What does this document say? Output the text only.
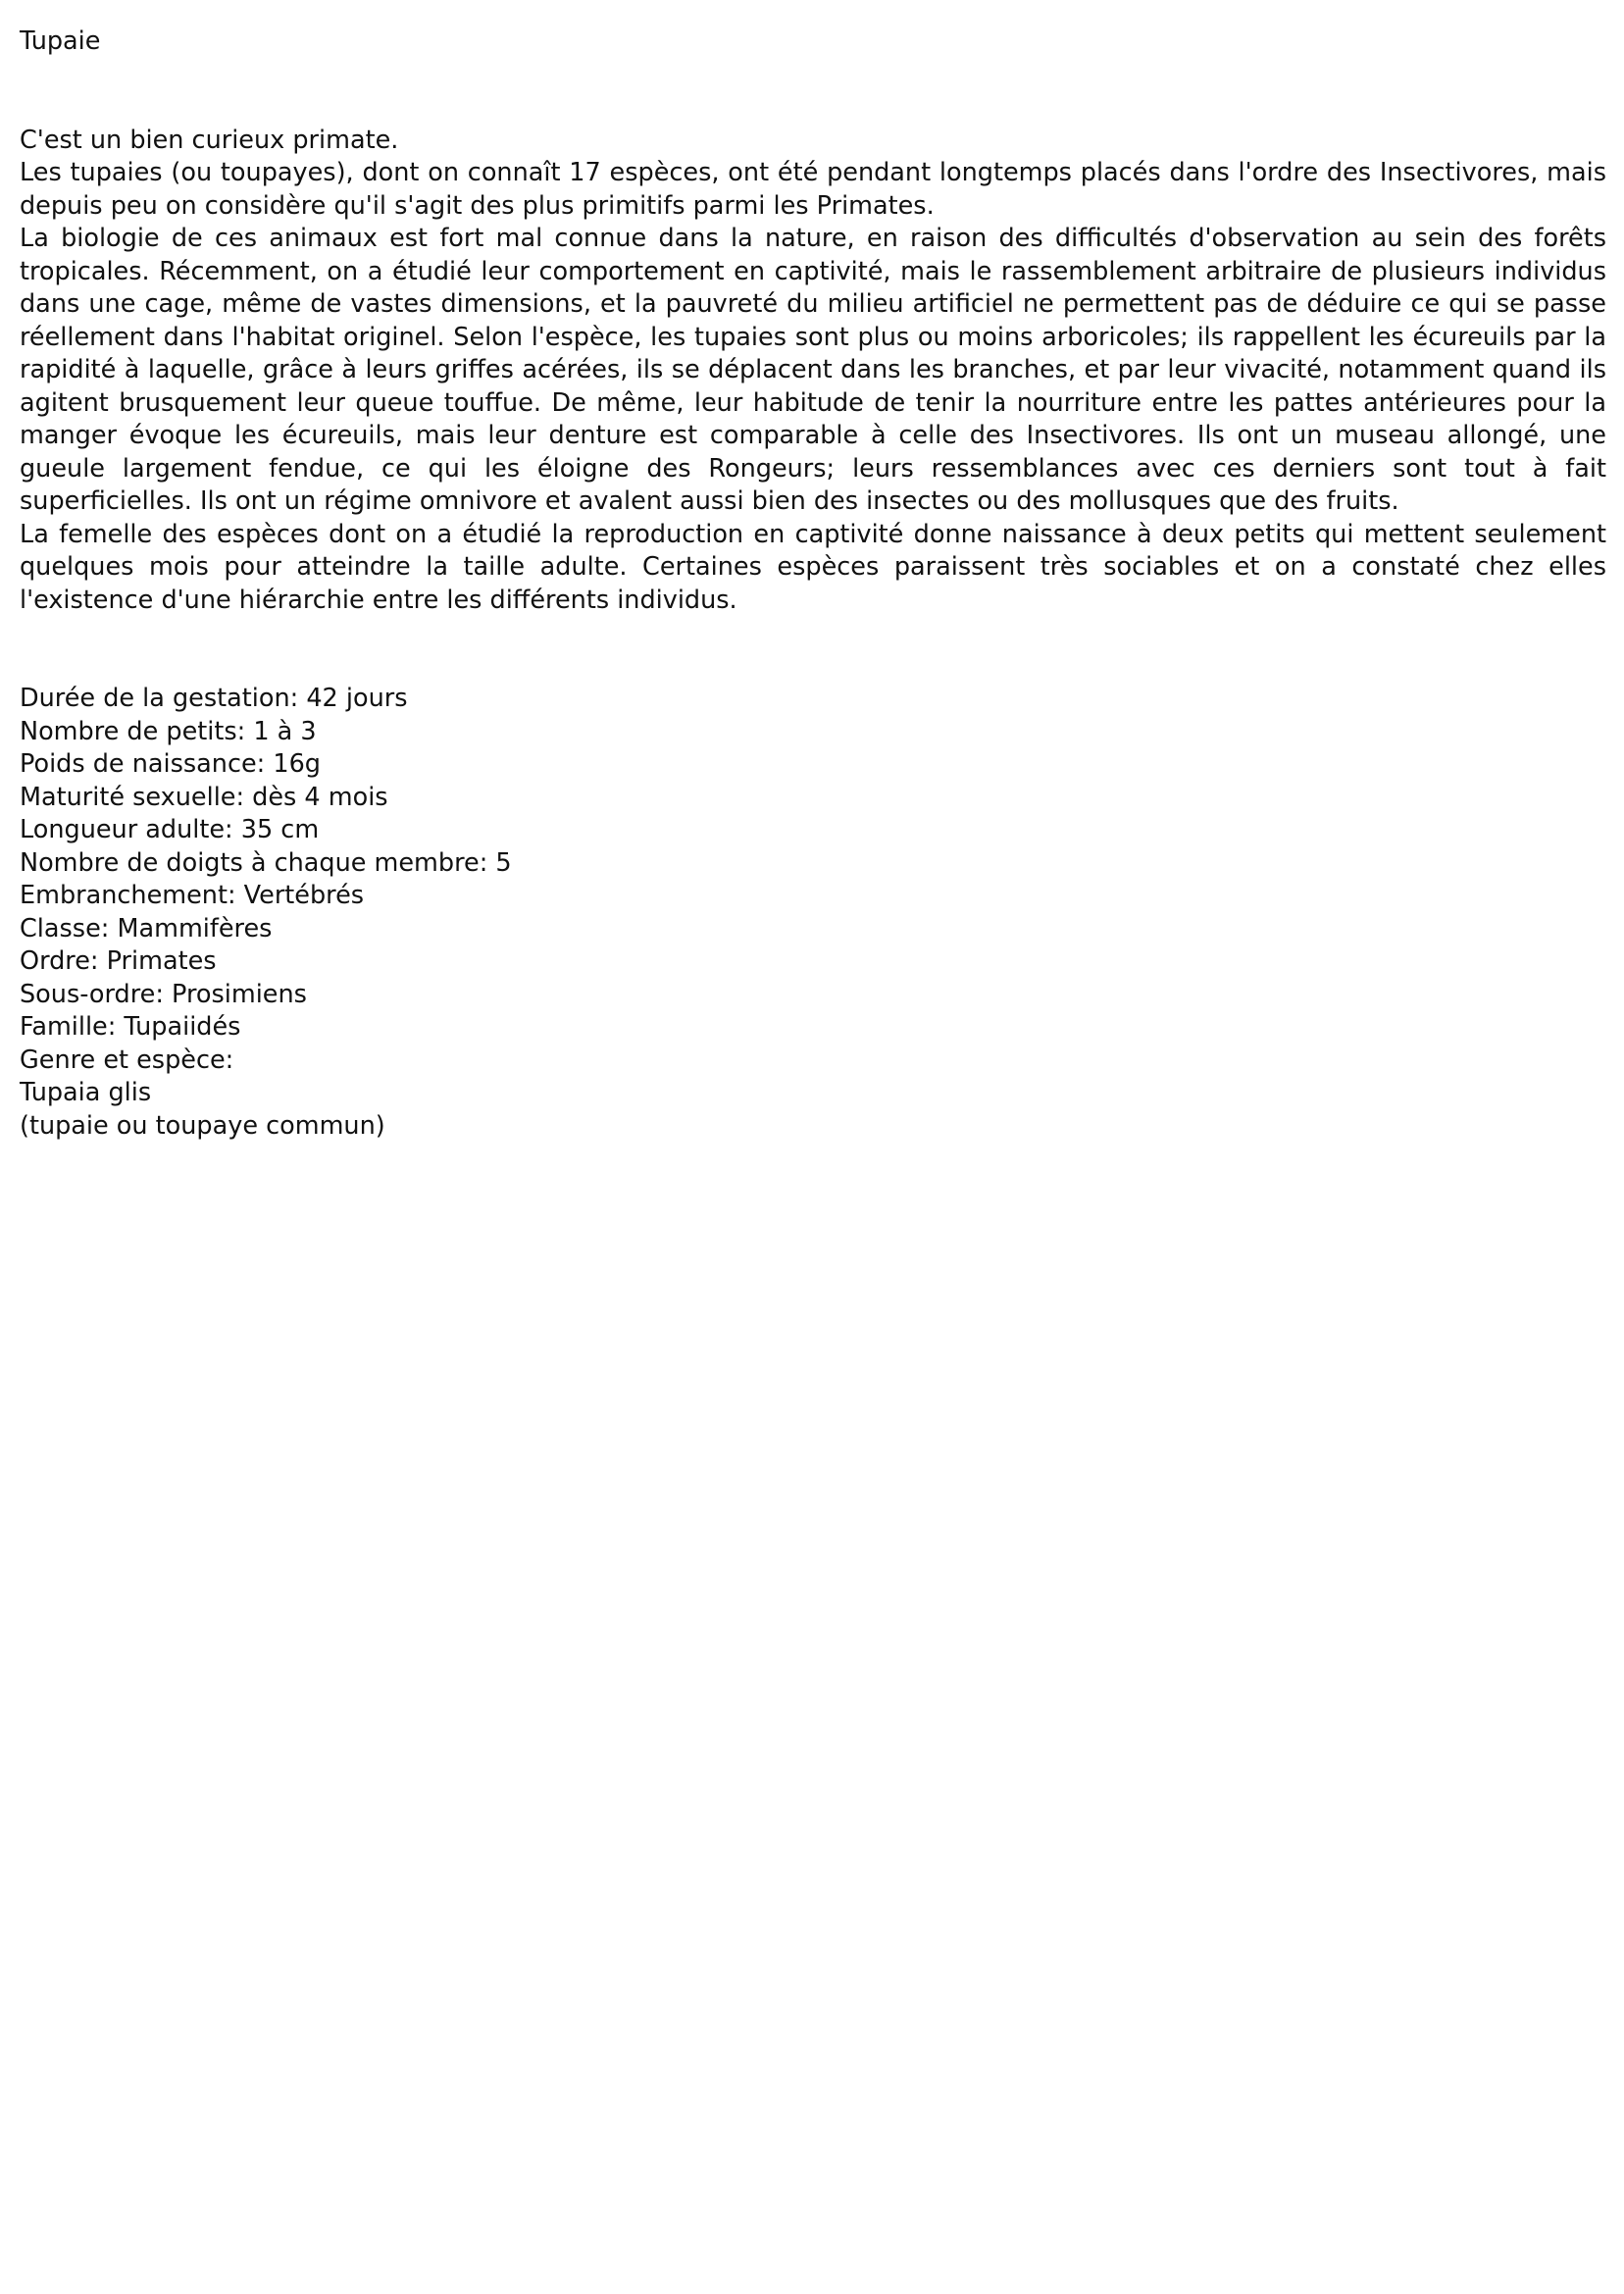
Tupaie

C'est un bien curieux primate.

Les tupaies (ou toupayes), dont on connaît 17 espèces, ont été pendant longtemps placés dans l'ordre des Insectivores, mais depuis peu on considère qu'il s'agit des plus primitifs parmi les Primates.

La biologie de ces animaux est fort mal connue dans la nature, en raison des difficultés d'observation au sein des forêts tropicales. Récemment, on a étudié leur comportement en captivité, mais le rassemblement arbitraire de plusieurs individus dans une cage, même de vastes dimensions, et la pauvreté du milieu artificiel ne permettent pas de déduire ce qui se passe réellement dans l'habitat originel. Selon l'espèce, les tupaies sont plus ou moins arboricoles; ils rappellent les écureuils par la rapidité à laquelle, grâce à leurs griffes acérées, ils se déplacent dans les branches, et par leur vivacité, notamment quand ils agitent brusquement leur queue touffue. De même, leur habitude de tenir la nourriture entre les pattes antérieures pour la manger évoque les écureuils, mais leur denture est comparable à celle des Insectivores. Ils ont un museau allongé, une gueule largement fendue, ce qui les éloigne des Rongeurs; leurs ressemblances avec ces derniers sont tout à fait superficielles. Ils ont un régime omnivore et avalent aussi bien des insectes ou des mollusques que des fruits.

La femelle des espèces dont on a étudié la reproduction en captivité donne naissance à deux petits qui mettent seulement quelques mois pour atteindre la taille adulte. Certaines espèces paraissent très sociables et on a constaté chez elles l'existence d'une hiérarchie entre les différents individus.

Durée de la gestation: 42 jours
Nombre de petits: 1 à 3
Poids de naissance: 16g
Maturité sexuelle: dès 4 mois
Longueur adulte: 35 cm
Nombre de doigts à chaque membre: 5
Embranchement: Vertébrés
Classe: Mammifères
Ordre: Primates
Sous-ordre: Prosimiens
Famille: Tupaiidés
Genre et espèce:
Tupaia glis
(tupaie ou toupaye commun)
